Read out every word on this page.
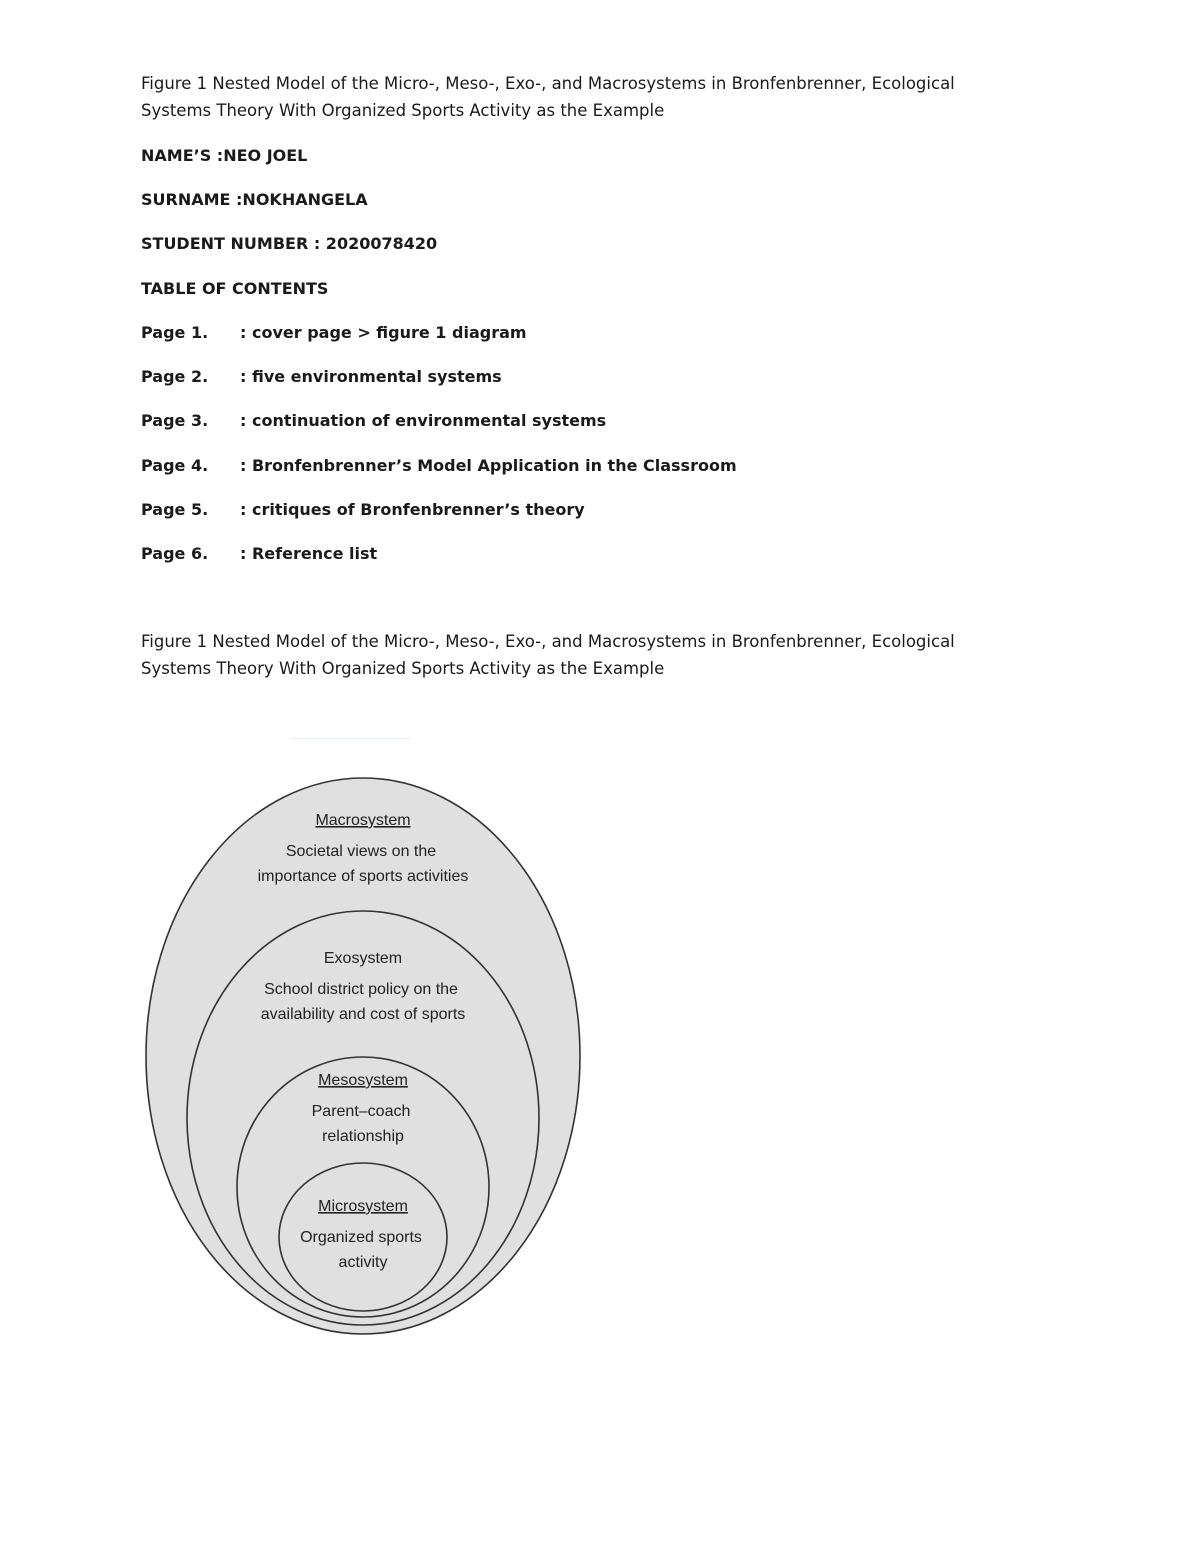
Figure 1 Nested Model of the Micro-, Meso-, Exo-, and Macrosystems in Bronfenbrenner, Ecological
Systems Theory With Organized Sports Activity as the Example
NAME’S :NEO JOEL
SURNAME :NOKHANGELA
STUDENT NUMBER : 2020078420
TABLE OF CONTENTS
Page 1. : cover page > figure 1 diagram
Page 2. : five environmental systems
Page 3. : continuation of environmental systems
Page 4. : Bronfenbrenner’s Model Application in the Classroom
Page 5. : critiques of Bronfenbrenner’s theory
Page 6. : Reference list
Figure 1 Nested Model of the Micro-, Meso-, Exo-, and Macrosystems in Bronfenbrenner, Ecological
Systems Theory With Organized Sports Activity as the Example
Macrosystem
Societal views on the
importance of sports activities
Exosystem
School district policy on the
availability and cost of sports
Mesosystem
Parent–coach
relationship
Microsystem
Organized sports
activity
